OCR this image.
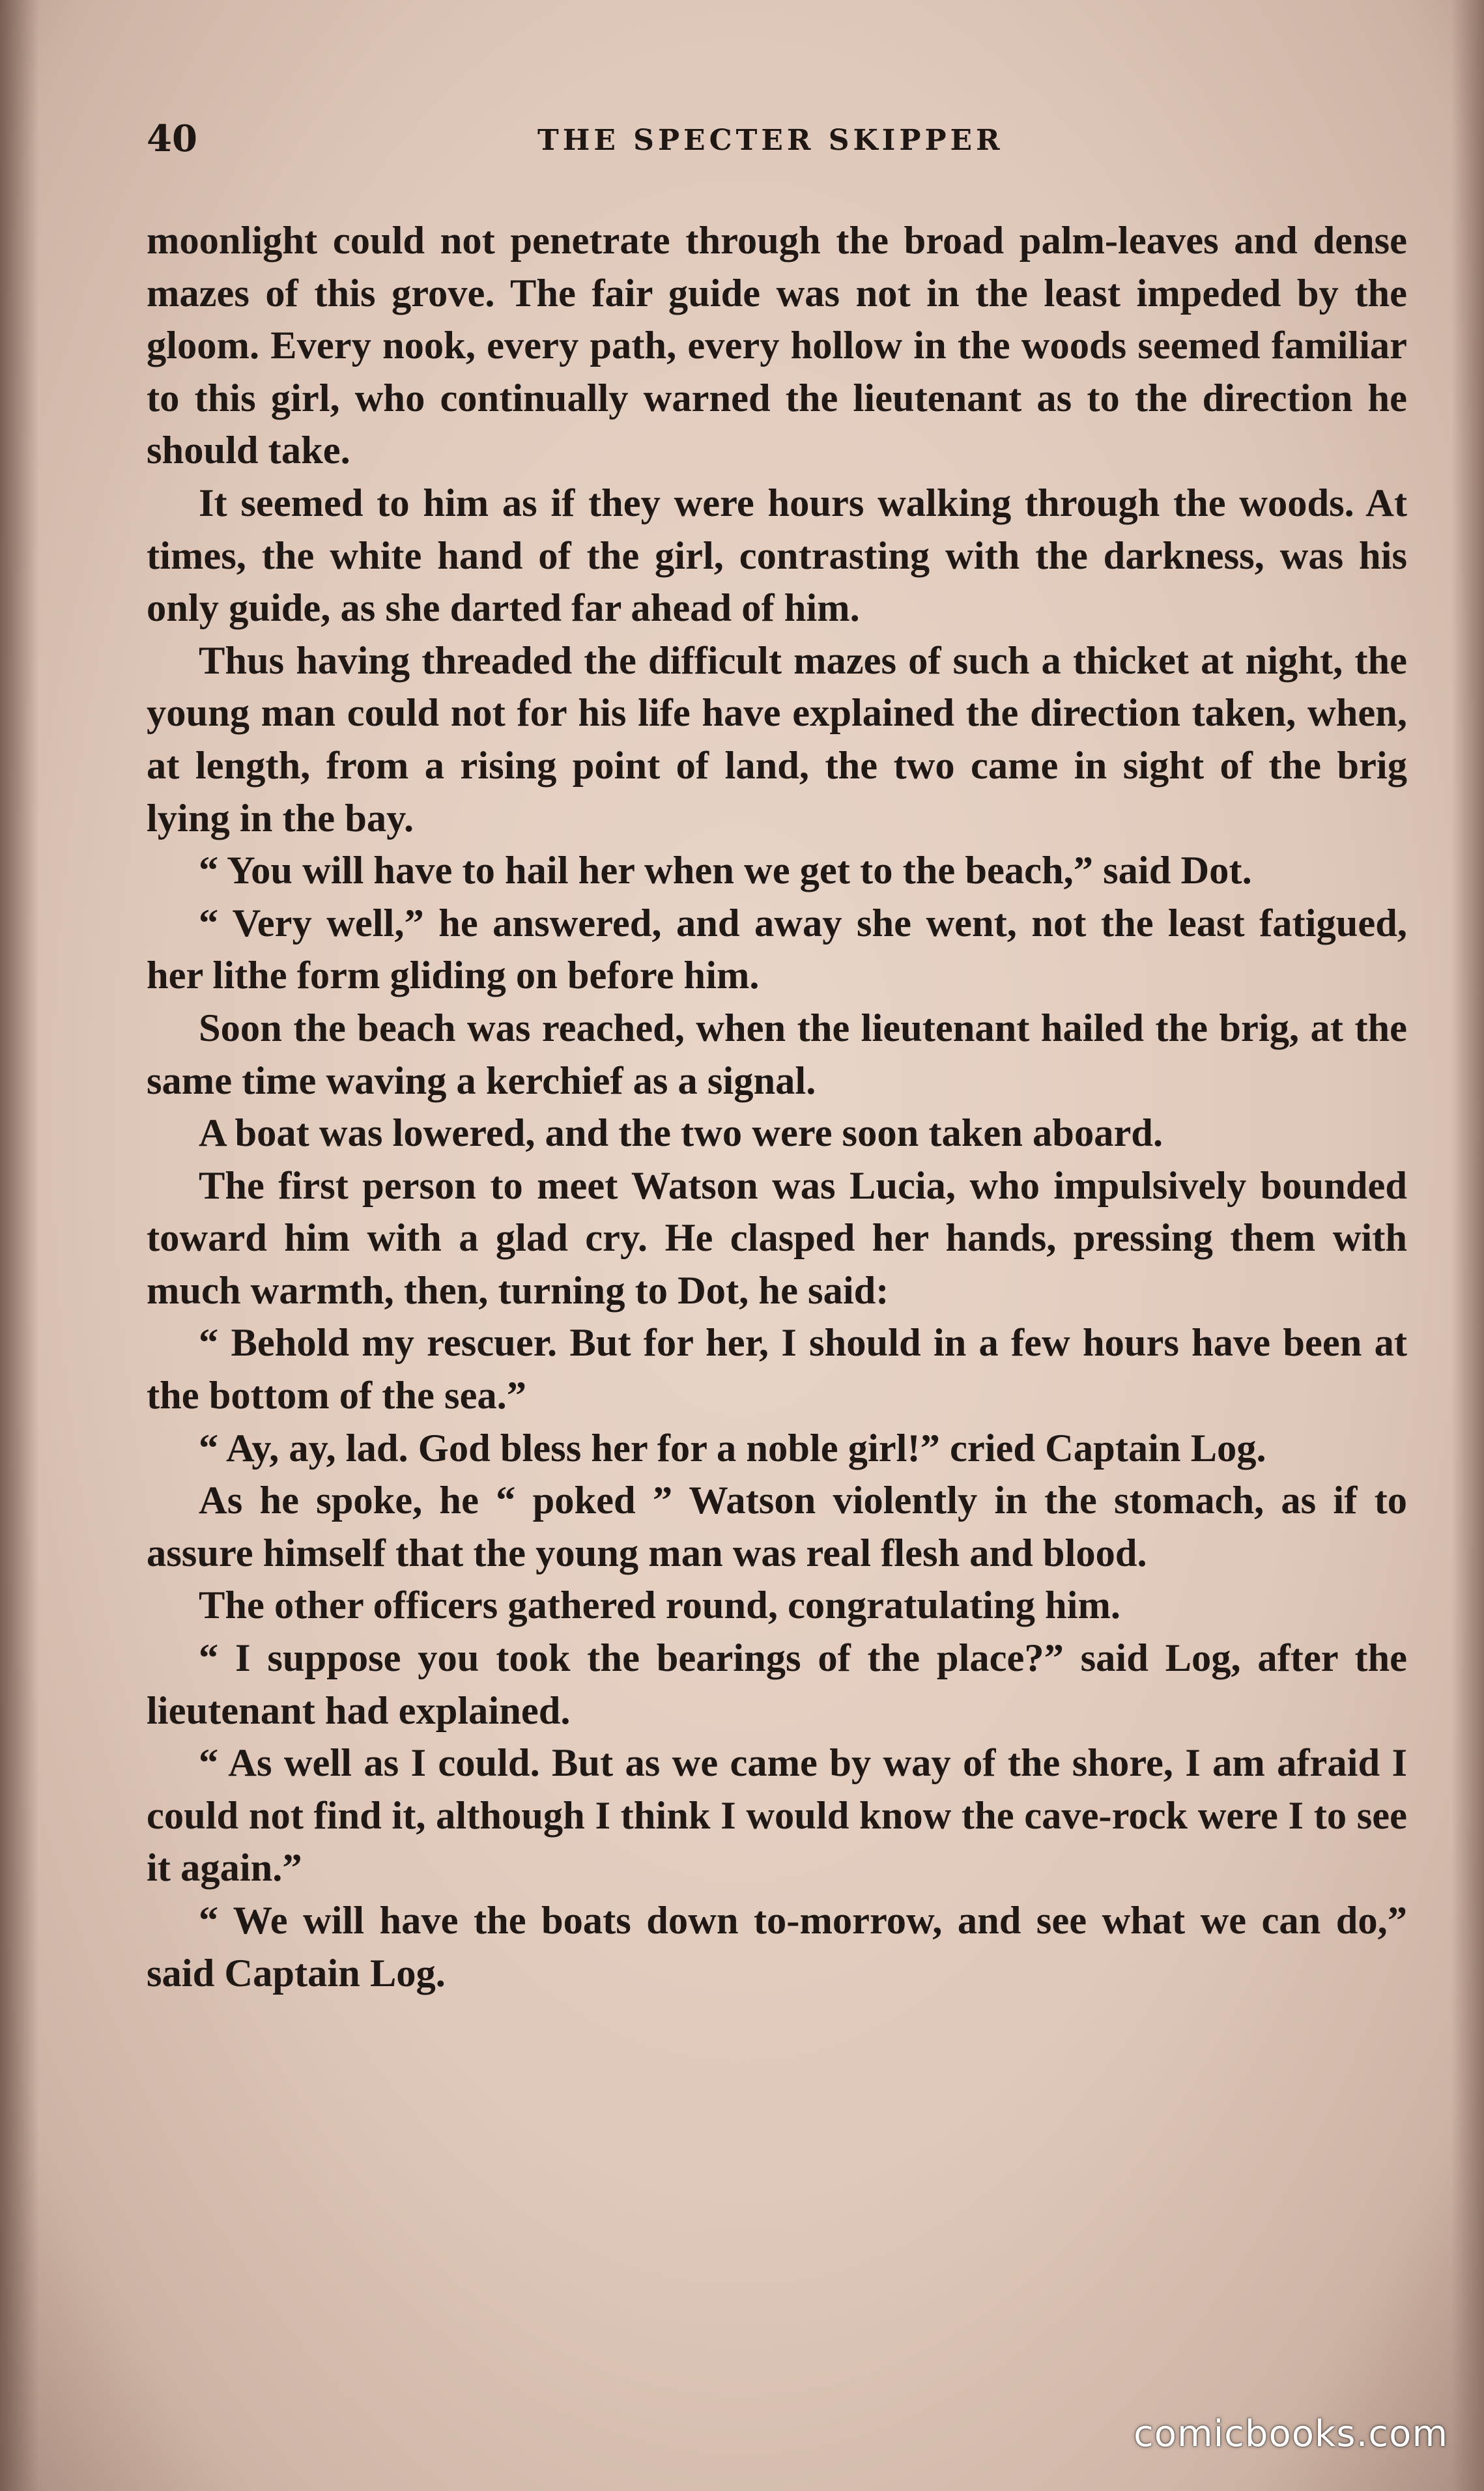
40	THE SPECTER SKIPPER

moonlight could not penetrate through the broad palm-leaves and dense mazes of this grove. The fair guide was not in the least impeded by the gloom. Every nook, every path, every hollow in the woods seemed familiar to this girl, who continually warned the lieutenant as to the direction he should take.

It seemed to him as if they were hours walking through the woods. At times, the white hand of the girl, contrasting with the darkness, was his only guide, as she darted far ahead of him.

Thus having threaded the difficult mazes of such a thicket at night, the young man could not for his life have explained the direction taken, when, at length, from a rising point of land, the two came in sight of the brig lying in the bay.

“ You will have to hail her when we get to the beach,” said Dot.

“ Very well,” he answered, and away she went, not the least fatigued, her lithe form gliding on before him.

Soon the beach was reached, when the lieutenant hailed the brig, at the same time waving a kerchief as a signal.

A boat was lowered, and the two were soon taken aboard.

The first person to meet Watson was Lucia, who impulsively bounded toward him with a glad cry. He clasped her hands, pressing them with much warmth, then, turning to Dot, he said:

“ Behold my rescuer. But for her, I should in a few hours have been at the bottom of the sea.”

“ Ay, ay, lad. God bless her for a noble girl!” cried Captain Log.

As he spoke, he “ poked ” Watson violently in the stomach, as if to assure himself that the young man was real flesh and blood.

The other officers gathered round, congratulating him.

“ I suppose you took the bearings of the place?” said Log, after the lieutenant had explained.

“ As well as I could. But as we came by way of the shore, I am afraid I could not find it, although I think I would know the cave-rock were I to see it again.”

“ We will have the boats down to-morrow, and see what we can do,” said Captain Log.

comicbooks.com
